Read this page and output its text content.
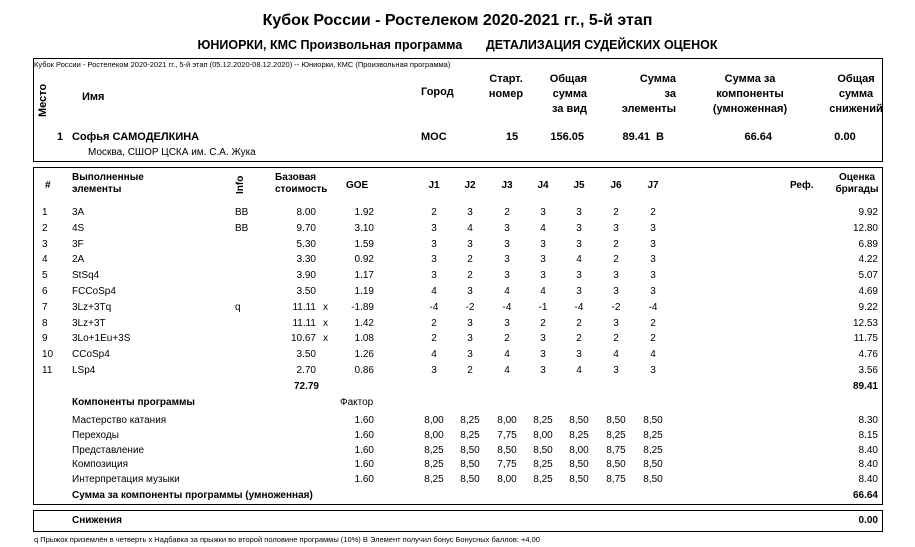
Кубок России - Ростелеком 2020-2021 гг., 5-й этап
ЮНИОРКИ, КМС Произвольная программа ДЕТАЛИЗАЦИЯ СУДЕЙСКИХ ОЦЕНОК
Кубок России - Ростелеком 2020-2021 гг., 5-й этап (05.12.2020-08.12.2020) -- Юниорки, КМС (Произвольная программа)
Место	Имя	Город
Старт.
номер
Общая
сумма
за вид
Сумма
за
элементы
Сумма за
компоненты
(умноженная)
Общая
сумма
снижений
1 Софья САМОДЕЛКИНА
Москва, СШОР ЦСКА им. С.А. Жука
МОС	15	156.05	89.41 B	66.64	0.00
#
Выполненные
элементы	Info	Базовая
стоимость GOE	J1	J2	J3	J4	J5	J6	J7	Реф.
Оценка
бригады
1	3A	BB	8.00	1.92	2	3	2	3	3	2	2	9.92
2	4S	BB	9.70	3.10	3	4	3	4	3	3	3	12.80
3	3F	5.30	1.59	3	3	3	3	3	2	3	6.89
4	2A	3.30	0.92	3	2	3	3	4	2	3	4.22
5	StSq4	3.90	1.17	3	2	3	3	3	3	3	5.07
6	FCCoSp4	3.50	1.19	4	3	4	4	3	3	3	4.69
7	3Lz+3Tq	q	11.11 x	-1.89	-4	-2	-4	-1	-4	-2	-4	9.22
8	3Lz+3T	11.11 x	1.42	2	3	3	2	2	3	2	12.53
9	3Lo+1Eu+3S	10.67 x	1.08	2	3	2	3	2	2	2	11.75
10	CCoSp4	3.50	1.26	4	3	4	3	3	4	4	4.76
11	LSp4	2.70	0.86	3	2	4	3	4	3	3	3.56
72.79	89.41
Компоненты программы	Фактор
Мастерство катания	1.60	8,00	8,25	8,00	8,25	8,50	8,50	8,50	8.30
Переходы	1.60	8,00	8,25	7,75	8,00	8,25	8,25	8,25	8.15
Представление	1.60	8,25	8,50	8,50	8,50	8,00	8,75	8,25	8.40
Композиция	1.60	8,25	8,50	7,75	8,25	8,50	8,50	8,50	8.40
Интерпретация музыки	1.60	8,25	8,50	8,00	8,25	8,50	8,75	8,50	8.40
Сумма за компоненты программы (умноженная)	66.64
Снижения	0.00
q Прыжок приземлён в четверть x Надбавка за прыжки во второй половине программы (10%) B Элемент получил бонус Бонусных баллов: +4,00
